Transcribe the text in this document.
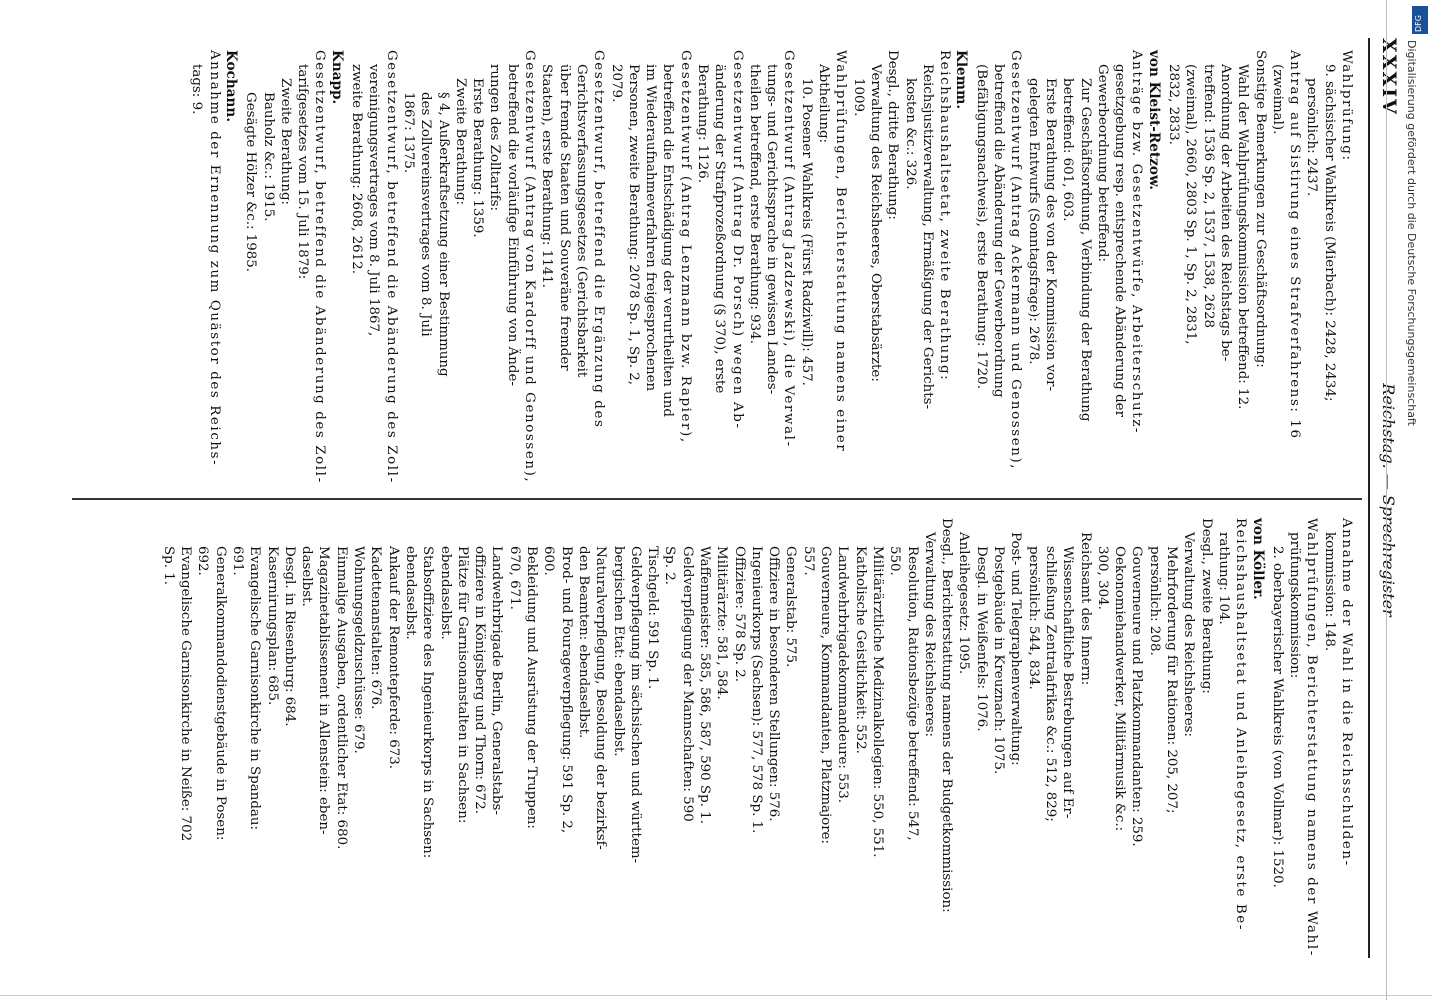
XXXIV
Reichstag. — Sprechregister

Wahlprüfung:

9. sächsischer Wahlkreis (Mierbach): 2428, 2434;

persönlich: 2437.

Antrag auf Sistirung eines Strafverfahrens: 16

(zweimal).

Sonstige Bemerkungen zur Geschäftsordnung:

Wahl der Wahlprüfungskommission betreffend: 12.

Anordnung der Arbeiten des Reichstags be-

treffend: 1536 Sp. 2, 1537, 1538, 2628

(zweimal), 2660, 2803 Sp. 1, Sp. 2, 2831,

2832, 2833.

von Kleist-Retzow.

Anträge bzw. Gesetzentwürfe, Arbeiterschutz-

gesetzgebung resp. entsprechende Abänderung der

Gewerbeordnung betreffend:

Zur Geschäftsordnung, Verbindung der Berathung

betreffend: 601, 603.

Erste Berathung des von der Kommission vor-

gelegten Entwurfs (Sonntagsfrage): 2678.

Gesetzentwurf (Antrag Ackermann und Genossen),

betreffend die Abänderung der Gewerbeordnung

(Befähigungsnachweis), erste Berathung: 1720.

Klemm.

Reichshaushaltsetat, zweite Berathung:

Reichsjustizverwaltung, Ermäßigung der Gerichts-

kosten &c.: 326.

Desgl., dritte Berathung:

Verwaltung des Reichsheeres, Oberstabsärzte:

1009.

Wahlprüfungen, Berichterstattung namens einer

Abtheilung:

10. Posener Wahlkreis (Fürst Radziwill): 457.

Gesetzentwurf (Antrag Jazdzewski), die Verwal-

tungs- und Gerichtssprache in gewissen Landes-

theilen betreffend, erste Berathung: 934.

Gesetzentwurf (Antrag Dr. Porsch) wegen Ab-

änderung der Strafprozeßordnung (§ 370), erste

Berathung: 1126.

Gesetzentwurf (Antrag Lenzmann bzw. Rapier),

betreffend die Entschädigung der verurtheilten und

im Wiederaufnahmeverfahren freigesprochenen

Personen, zweite Berathung: 2078 Sp. 1, Sp. 2,

2079.

Gesetzentwurf, betreffend die Ergänzung des

Gerichtsverfassungsgesetzes (Gerichtsbarkeit

über fremde Staaten und Souveräne fremder

Staaten), erste Berathung: 1141.

Gesetzentwurf (Antrag von Kardorff und Genossen),

betreffend die vorläufige Einführung von Ände-

rungen des Zolltarifs:

Erste Berathung: 1359.

Zweite Berathung:

§ 4, Außerkraftsetzung einer Bestimmung

des Zollvereinsvertrages vom 8. Juli

1867: 1375.

Gesetzentwurf, betreffend die Abänderung des Zoll-

vereinigungsvertrages vom 8. Juli 1867,

zweite Berathung: 2608, 2612.

Knapp.

Gesetzentwurf, betreffend die Abänderung des Zoll-

tarifgesetzes vom 15. Juli 1879:

Zweite Berathung:

Bauholz &c.: 1915.

Gesägte Hölzer &c.: 1985.

Kochann.

Annahme der Ernennung zum Quästor des Reichs-

tags: 9.

Annahme der Wahl in die Reichsschulden-

kommission: 148.

Wahlprüfungen, Berichterstattung namens der Wahl-

prüfungskommission:

2. oberbayerischer Wahlkreis (von Vollmar): 1520.

von Köller.

Reichshaushaltsetat und Anleihegesetz, erste Be-

rathung: 104.

Desgl., zweite Berathung:

Verwaltung des Reichsheeres:

Mehrforderung für Rationen: 205, 207;

persönlich: 208.

Gouverneure und Platzkommandanten: 259.

Oekonomiehandwerker, Militärmusik &c.:

300, 304.

Reichsamt des Innern:

Wissenschaftliche Bestrebungen auf Er-

schließung Zentralafrikas &c.: 512, 829;

persönlich: 544, 834.

Post- und Telegraphenverwaltung:

Postgebäude in Kreuznach: 1075.

Desgl. in Weißenfels: 1076.

Anleihegesetz: 1095.

Desgl., Berichterstattung namens der Budgetkommission:

Verwaltung des Reichsheeres:

Resolution, Rationsbezüge betreffend: 547,

550.

Militärärztliche Medizinalkollegien: 550, 551.

Katholische Geistlichkeit: 552.

Landwehrbrigadekommandeure: 553.

Gouverneure, Kommandanten, Platzmajore:

557.

Generalstab: 575.

Offiziere in besonderen Stellungen: 576.

Ingenieurkorps (Sachsen): 577, 578 Sp. 1.

Offiziere: 578 Sp. 2.

Militärärzte: 581, 584.

Waffenmeister: 585, 586, 587, 590 Sp. 1.

Geldverpflegung der Mannschaften: 590

Sp. 2.

Tischgeld: 591 Sp. 1.

Geldverpflegung im sächsischen und württem-

bergischen Etat: ebendaselbst.

Naturalverpflegung, Besoldung der bezirksf-

den Beamten: ebendaselbst.

Brod- und Fourageverpflegung: 591 Sp. 2,

600.

Bekleidung und Ausrüstung der Truppen:

670, 671.

Landwehrbrigade Berlin, Generalstabs-

offiziere in Königsberg und Thorn: 672.

Plätze für Garnisonanstalten in Sachsen:

ebendaselbst.

Stabsoffiziere des Ingenieurkorps in Sachsen:

ebendaselbst.

Ankauf der Remontepferde: 673.

Kadettenanstalten: 676.

Wohnungsgeldzuschüsse: 679.

Einmalige Ausgaben, ordentlicher Etat: 680.

Magazinetablissement in Allenstein: eben-

daselbst.

Desgl. in Riesenburg: 684.

Kasernirungsplan: 685.

Evangelische Garnisonkirche in Spandau:

691.

Generalkommandodienstgebäude in Posen:

692.

Evangelische Garnisonkirche in Neiße: 702

Sp. 1.

Digitalisierung gefördert durch die Deutsche Forschungsgemeinschaft
DFG
